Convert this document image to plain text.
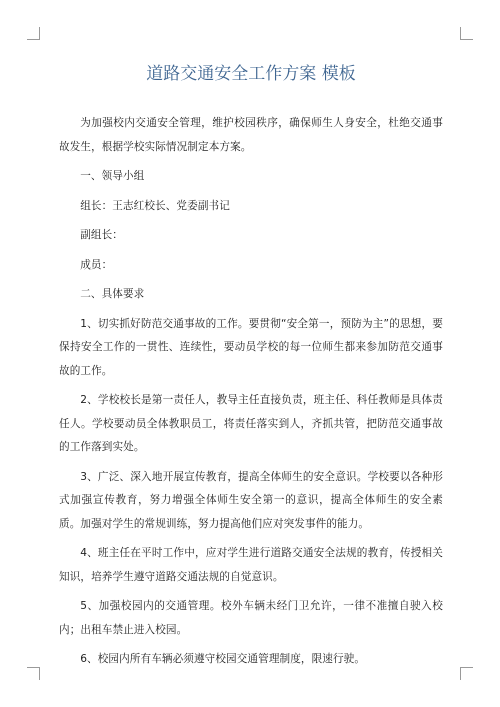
道路交通安全工作方案 模板

为加强校内交通安全管理，维护校园秩序，确保师生人身安全，杜绝交通事故发生，根据学校实际情况制定本方案。

一、领导小组

组长：王志红校长、党委副书记

副组长：

成员：

二、具体要求

1、切实抓好防范交通事故的工作。要贯彻“安全第一，预防为主”的思想，要保持安全工作的一贯性、连续性，要动员学校的每一位师生都来参加防范交通事故的工作。

2、学校校长是第一责任人，教导主任直接负责，班主任、科任教师是具体责任人。学校要动员全体教职员工，将责任落实到人，齐抓共管，把防范交通事故的工作落到实处。

3、广泛、深入地开展宣传教育，提高全体师生的安全意识。学校要以各种形式加强宣传教育，努力增强全体师生安全第一的意识，提高全体师生的安全素质。加强对学生的常规训练，努力提高他们应对突发事件的能力。

4、班主任在平时工作中，应对学生进行道路交通安全法规的教育，传授相关知识，培养学生遵守道路交通法规的自觉意识。

5、加强校园内的交通管理。校外车辆未经门卫允许，一律不准擅自驶入校内；出租车禁止进入校园。

6、校园内所有车辆必须遵守校园交通管理制度，限速行驶。
